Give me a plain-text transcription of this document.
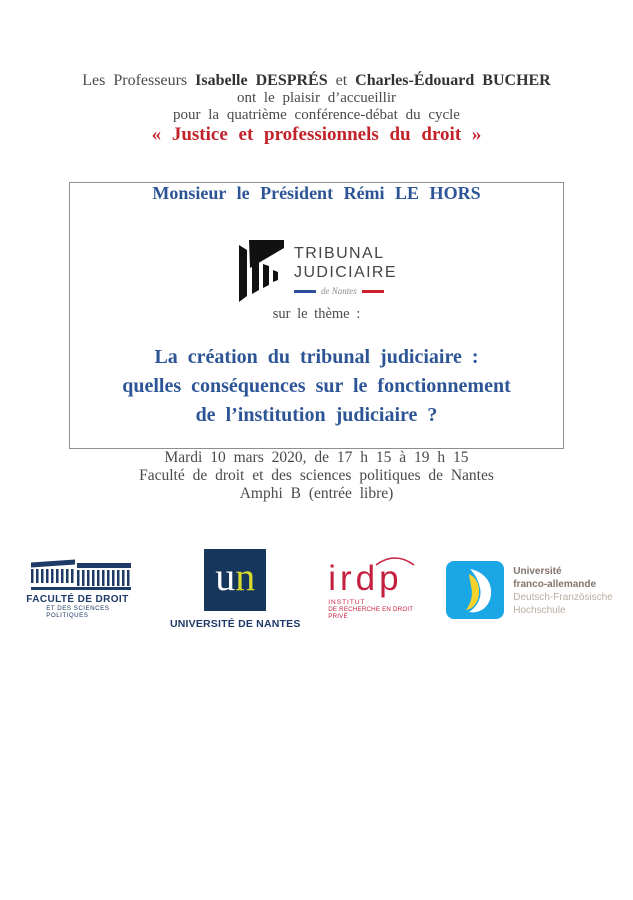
Les Professeurs Isabelle DESPRÉS et Charles-Édouard BUCHER

ont le plaisir d’accueillir

pour la quatrième conférence-débat du cycle

« Justice et professionnels du droit »

Monsieur le Président Rémi LE HORS

TRIBUNAL
JUDICIAIRE
de Nantes

sur le thème :

La création du tribunal judiciaire :
quelles conséquences sur le fonctionnement
de l’institution judiciaire ?

Mardi 10 mars 2020, de 17 h 15 à 19 h 15

Faculté de droit et des sciences politiques de Nantes

Amphi B (entrée libre)

FACULTÉ DE DROIT
ET DES SCIENCES POLITIQUES
u n
UNIVERSITÉ DE NANTES
irdp
INSTITUT
DE RECHERCHE EN DROIT PRIVÉ
Université
franco-allemande
Deutsch-Französische
Hochschule
